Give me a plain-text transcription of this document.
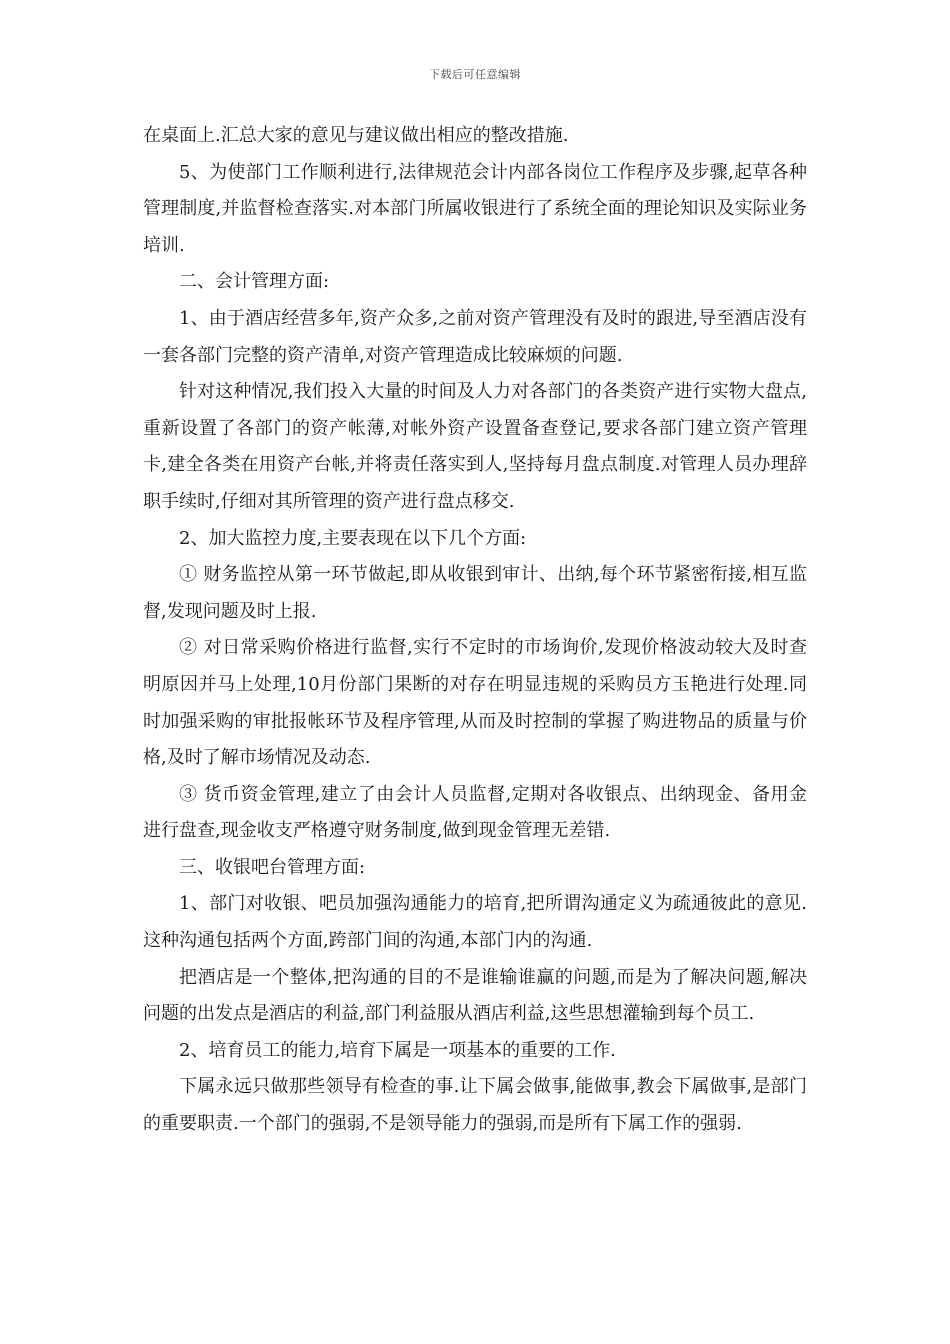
下载后可任意编辑

在桌面上.汇总大家的意见与建议做出相应的整改措施.

5、为使部门工作顺利进行,法律规范会计内部各岗位工作程序及步骤,起草各种管理制度,并监督检查落实.对本部门所属收银进行了系统全面的理论知识及实际业务培训.

二、会计管理方面:

1、由于酒店经营多年,资产众多,之前对资产管理没有及时的跟进,导至酒店没有一套各部门完整的资产清单,对资产管理造成比较麻烦的问题.

针对这种情况,我们投入大量的时间及人力对各部门的各类资产进行实物大盘点,重新设置了各部门的资产帐薄,对帐外资产设置备查登记,要求各部门建立资产管理卡,建全各类在用资产台帐,并将责任落实到人,坚持每月盘点制度.对管理人员办理辞职手续时,仔细对其所管理的资产进行盘点移交.

2、加大监控力度,主要表现在以下几个方面:

① 财务监控从第一环节做起,即从收银到审计、出纳,每个环节紧密衔接,相互监督,发现问题及时上报.

② 对日常采购价格进行监督,实行不定时的市场询价,发现价格波动较大及时查明原因并马上处理,10月份部门果断的对存在明显违规的采购员方玉艳进行处理.同时加强采购的审批报帐环节及程序管理,从而及时控制的掌握了购进物品的质量与价格,及时了解市场情况及动态.

③ 货币资金管理,建立了由会计人员监督,定期对各收银点、出纳现金、备用金进行盘查,现金收支严格遵守财务制度,做到现金管理无差错.

三、收银吧台管理方面:

1、部门对收银、吧员加强沟通能力的培育,把所谓沟通定义为疏通彼此的意见.这种沟通包括两个方面,跨部门间的沟通,本部门内的沟通.

把酒店是一个整体,把沟通的目的不是谁输谁赢的问题,而是为了解决问题,解决问题的出发点是酒店的利益,部门利益服从酒店利益,这些思想灌输到每个员工.

2、培育员工的能力,培育下属是一项基本的重要的工作.

下属永远只做那些领导有检查的事.让下属会做事,能做事,教会下属做事,是部门的重要职责.一个部门的强弱,不是领导能力的强弱,而是所有下属工作的强弱.
